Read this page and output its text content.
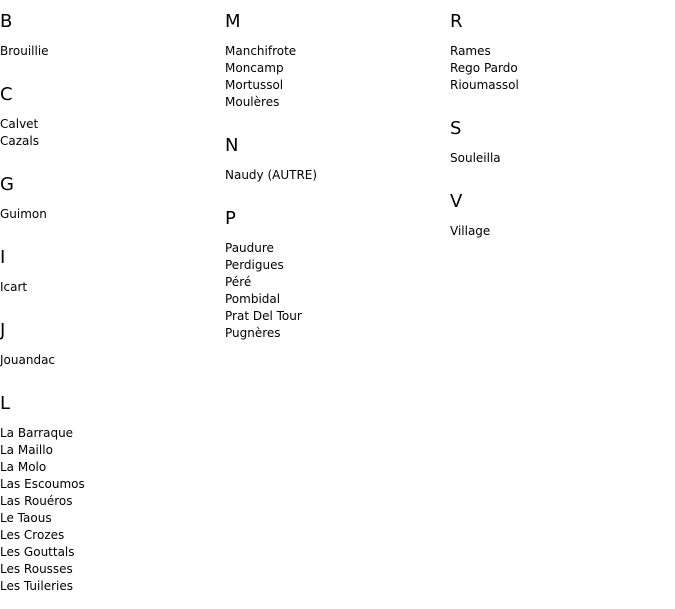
B
Brouillie
C
Calvet
Cazals
G
Guimon
I
Icart
J
Jouandac
L
La Barraque
La Maillo
La Molo
Las Escoumos
Las Rouéros
Le Taous
Les Crozes
Les Gouttals
Les Rousses
Les Tuileries
M
Manchifrote
Moncamp
Mortussol
Moulères
N
Naudy (AUTRE)
P
Paudure
Perdigues
Péré
Pombidal
Prat Del Tour
Pugnères
R
Rames
Rego Pardo
Rioumassol
S
Souleilla
V
Village
